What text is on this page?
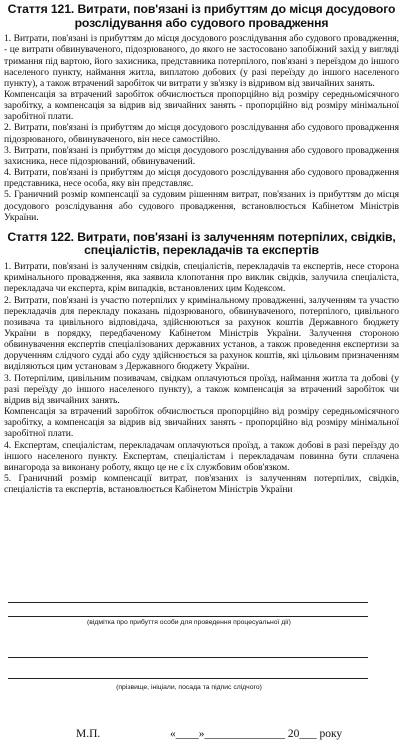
Стаття 121. Витрати, пов'язані із прибуттям до місця досудового розслідування або судового провадження

1. Витрати, пов'язані із прибуттям до місця досудового розслідування або судового провадження, - це витрати обвинуваченого, підозрюваного, до якого не застосовано запобіжний захід у вигляді тримання під вартою, його захисника, представника потерпілого, пов'язані з переїздом до іншого населеного пункту, наймання житла, виплатою добових (у разі переїзду до іншого населеного пункту), а також втрачений заробіток чи витрати у зв'язку із відривом від звичайних занять.

Компенсація за втрачений заробіток обчислюється пропорційно від розміру середньомісячного заробітку, а компенсація за відрив від звичайних занять - пропорційно від розміру мінімальної заробітної плати.

2. Витрати, пов'язані із прибуттям до місця досудового розслідування або судового провадження підозрюваного, обвинуваченого, він несе самостійно.

3. Витрати, пов'язані із прибуттям до місця досудового розслідування або судового провадження захисника, несе підозрюваний, обвинувачений.

4. Витрати, пов'язані із прибуттям до місця досудового розслідування або судового провадження представника, несе особа, яку він представляє.

5. Граничний розмір компенсації за судовим рішенням витрат, пов'язаних із прибуттям до місця досудового розслідування або судового провадження, встановлюється Кабінетом Міністрів України.

Стаття 122. Витрати, пов'язані із залученням потерпілих, свідків, спеціалістів, перекладачів та експертів

1. Витрати, пов'язані із залученням свідків, спеціалістів, перекладачів та експертів, несе сторона кримінального провадження, яка заявила клопотання про виклик свідків, залучила спеціаліста, перекладача чи експерта, крім випадків, встановлених цим Кодексом.

2. Витрати, пов'язані із участю потерпілих у кримінальному провадженні, залученням та участю перекладачів для перекладу показань підозрюваного, обвинуваченого, потерпілого, цивільного позивача та цивільного відповідача, здійснюються за рахунок коштів Державного бюджету України в порядку, передбаченому Кабінетом Міністрів України. Залучення стороною обвинувачення експертів спеціалізованих державних установ, а також проведення експертизи за дорученням слідчого судді або суду здійснюється за рахунок коштів, які цільовим призначенням виділяються цим установам з Державного бюджету України.

3. Потерпілим, цивільним позивачам, свідкам оплачуються проїзд, наймання житла та добові (у разі переїзду до іншого населеного пункту), а також компенсація за втрачений заробіток чи відрив від звичайних занять.

Компенсація за втрачений заробіток обчислюється пропорційно від розміру середньомісячного заробітку, а компенсація за відрив від звичайних занять - пропорційно від розміру мінімальної заробітної плати.

4. Експертам, спеціалістам, перекладачам оплачуються проїзд, а також добові в разі переїзду до іншого населеного пункту. Експертам, спеціалістам і перекладачам повинна бути сплачена винагорода за виконану роботу, якщо це не є їх службовим обов'язком.

5. Граничний розмір компенсації витрат, пов'язаних із залученням потерпілих, свідків, спеціалістів та експертів, встановлюється Кабінетом Міністрів України

(відмітка про прибуття особи для проведення процесуальної дії)
(прізвище, ініціали, посада та підпис слідчого)
М.П.	«____»______________ 20___ року
